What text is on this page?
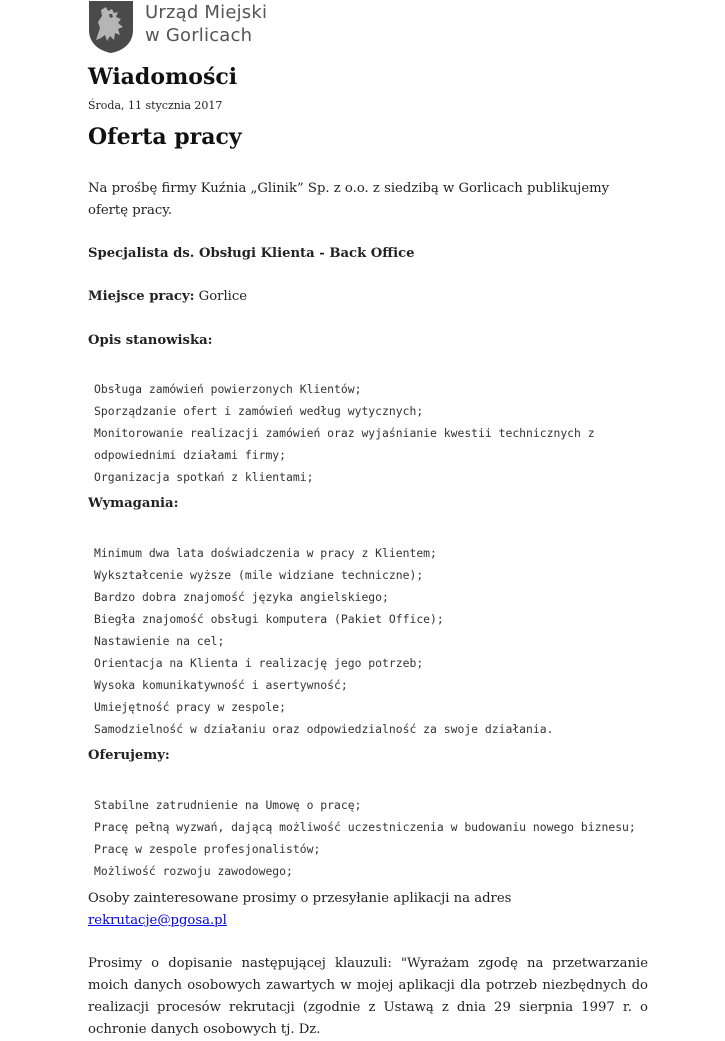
Urząd Miejski
w Gorlicach
Wiadomości
Środa, 11 stycznia 2017
Oferta pracy

Na prośbę firmy Kuźnia „Glinik” Sp. z o.o. z siedzibą w Gorlicach publikujemy ofertę pracy.

Specjalista ds. Obsługi Klienta - Back Office

Miejsce pracy: Gorlice

Opis stanowiska:

Obsługa zamówień powierzonych Klientów;
Sporządzanie ofert i zamówień według wytycznych;
Monitorowanie realizacji zamówień oraz wyjaśnianie kwestii technicznych z odpowiednimi działami firmy;
Organizacja spotkań z klientami;

Wymagania:

Minimum dwa lata doświadczenia w pracy z Klientem;
Wykształcenie wyższe (mile widziane techniczne);
Bardzo dobra znajomość języka angielskiego;
Biegła znajomość obsługi komputera (Pakiet Office);
Nastawienie na cel;
Orientacja na Klienta i realizację jego potrzeb;
Wysoka komunikatywność i asertywność;
Umiejętność pracy w zespole;
Samodzielność w działaniu oraz odpowiedzialność za swoje działania.

Oferujemy:

Stabilne zatrudnienie na Umowę o pracę;
Pracę pełną wyzwań, dającą możliwość uczestniczenia w budowaniu nowego biznesu;
Pracę w zespole profesjonalistów;
Możliwość rozwoju zawodowego;

Osoby zainteresowane prosimy o przesyłanie aplikacji na adres rekrutacje@pgosa.pl

Prosimy o dopisanie następującej klauzuli: "Wyrażam zgodę na przetwarzanie moich danych osobowych zawartych w mojej aplikacji dla potrzeb niezbędnych do realizacji procesów rekrutacji (zgodnie z Ustawą z dnia 29 sierpnia 1997 r. o ochronie danych osobowych tj. Dz.
